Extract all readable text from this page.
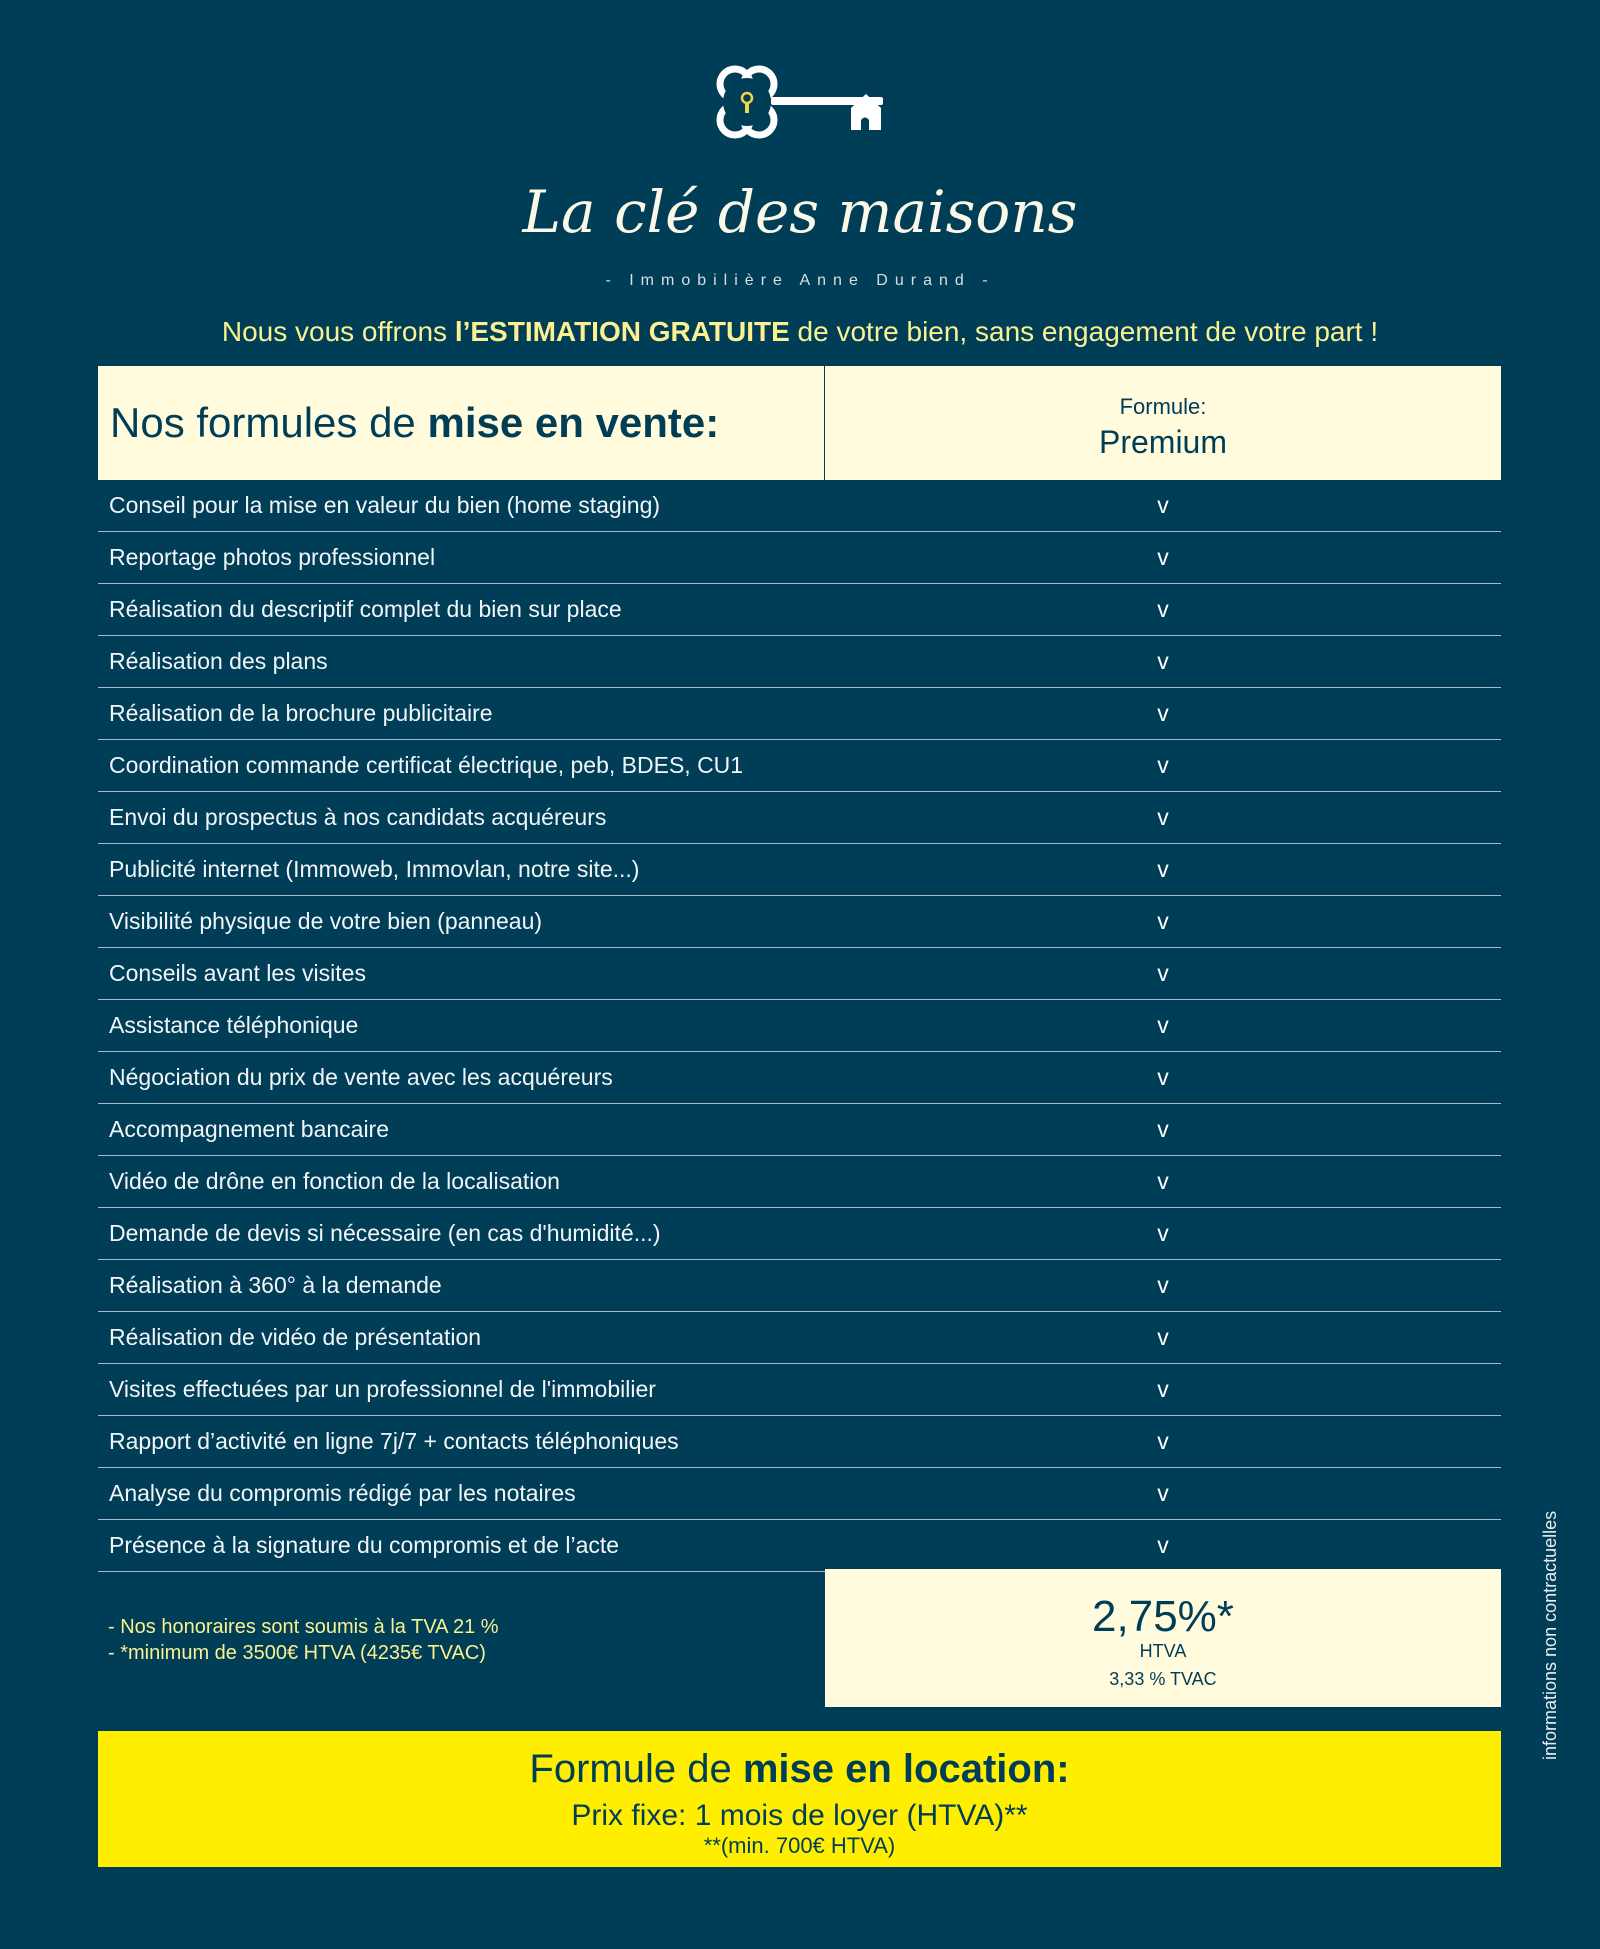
La clé des maisons
- Immobilière Anne Durand -
Nous vous offrons l’ESTIMATION GRATUITE de votre bien, sans engagement de votre part !
Nos formules de mise en vente:	Formule:
Premium
Conseil pour la mise en valeur du bien (home staging)	v
Reportage photos professionnel	v
Réalisation du descriptif complet du bien sur place	v
Réalisation des plans	v
Réalisation de la brochure publicitaire	v
Coordination commande certificat électrique, peb, BDES, CU1	v
Envoi du prospectus à nos candidats acquéreurs	v
Publicité internet (Immoweb, Immovlan, notre site...)	v
Visibilité physique de votre bien (panneau)	v
Conseils avant les visites	v
Assistance téléphonique	v
Négociation du prix de vente avec les acquéreurs	v
Accompagnement bancaire	v
Vidéo de drône en fonction de la localisation	v
Demande de devis si nécessaire (en cas d'humidité...)	v
Réalisation à 360° à la demande	v
Réalisation de vidéo de présentation	v
Visites effectuées par un professionnel de l'immobilier	v
Rapport d’activité en ligne 7j/7 + contacts téléphoniques	v
Analyse du compromis rédigé par les notaires	v
Présence à la signature du compromis et de l’acte	v
- Nos honoraires sont soumis à la TVA 21 %
- *minimum de 3500€ HTVA (4235€ TVAC)
2,75%*
HTVA
3,33 % TVAC
Formule de mise en location:
Prix fixe: 1 mois de loyer (HTVA)**
**(min. 700€ HTVA)
informations non contractuelles
